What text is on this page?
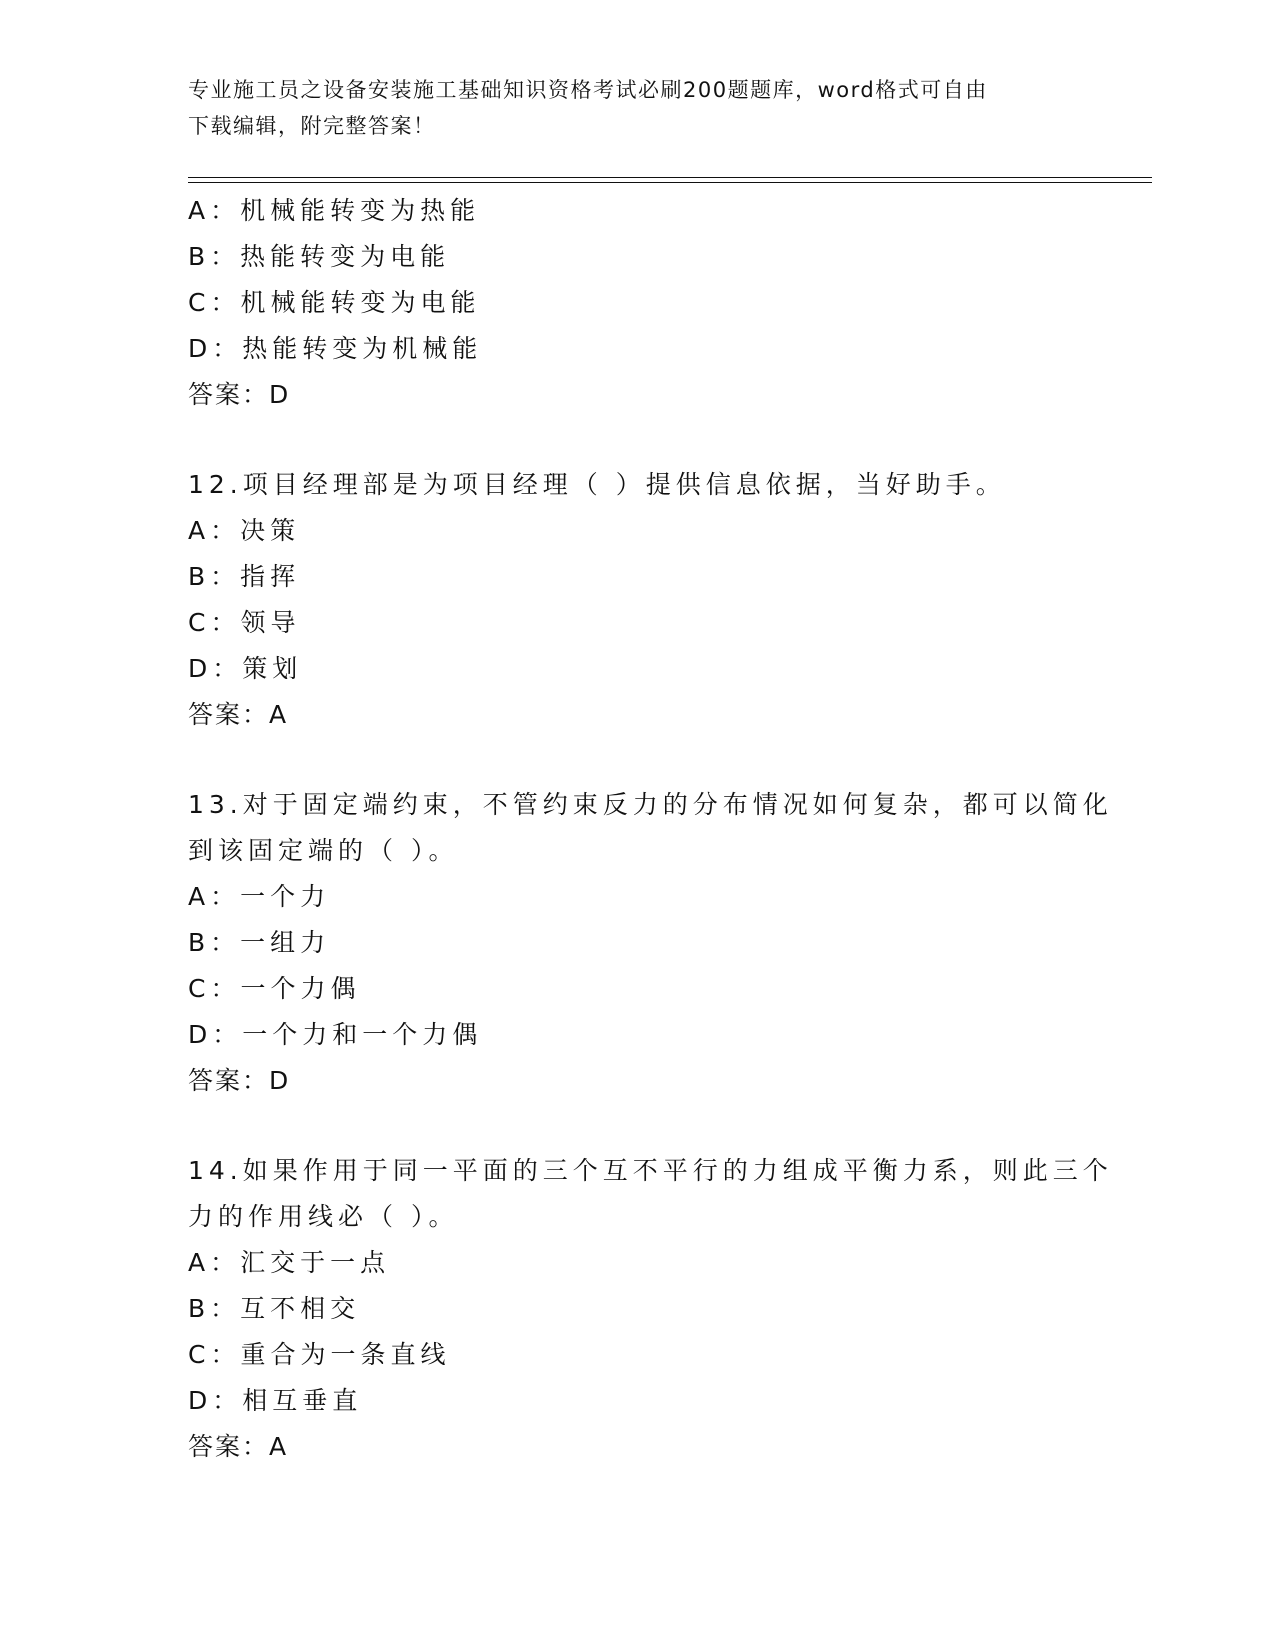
专业施工员之设备安装施工基础知识资格考试必刷200题题库，word格式可自由
下载编辑，附完整答案！
A：机械能转变为热能
B：热能转变为电能
C：机械能转变为电能
D：热能转变为机械能
答案：D
12.项目经理部是为项目经理（ ）提供信息依据，当好助手。
A：决策
B：指挥
C：领导
D：策划
答案：A
13.对于固定端约束，不管约束反力的分布情况如何复杂，都可以简化
到该固定端的（ ）。
A：一个力
B：一组力
C：一个力偶
D：一个力和一个力偶
答案：D
14.如果作用于同一平面的三个互不平行的力组成平衡力系，则此三个
力的作用线必（ ）。
A：汇交于一点
B：互不相交
C：重合为一条直线
D：相互垂直
答案：A
